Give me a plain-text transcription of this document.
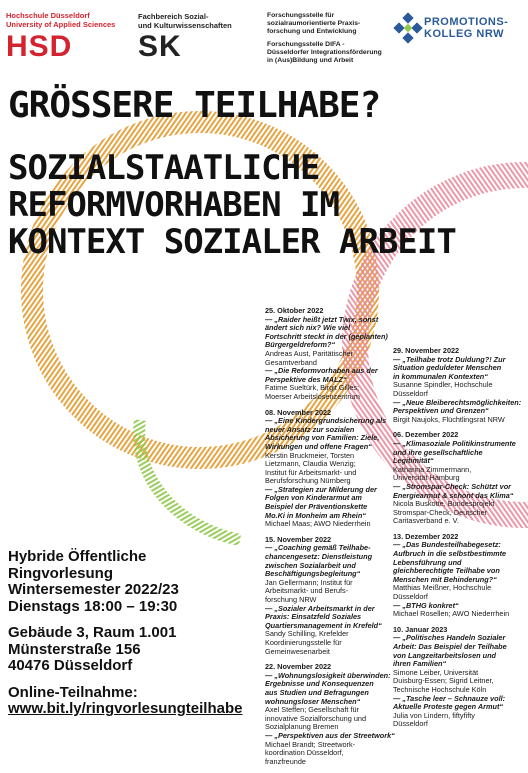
Hochschule Düsseldorf
University of Applied Sciences
HSD
Fachbereich Sozial-
und Kulturwissenschaften
SK
Forschungsstelle für
sozialraumorientierte Praxis-
forschung und Entwicklung
Forschungsstelle DIFA -
Düsseldorfer Integrationsförderung
in (Aus)Bildung und Arbeit
PROMOTIONS-
KOLLEG NRW
GRÖSSERE TEILHABE?
SOZIALSTAATLICHE
REFORMVORHABEN IM
KONTEXT SOZIALER ARBEIT
25. Oktober 2022
— „Raider heißt jetzt Twix, sonst
ändert sich nix? Wie viel
Fortschritt steckt in der (geplanten)
Bürgergeldreform?“
Andreas Aust, Paritätischer
Gesamtverband
— „Die Reformvorhaben aus der
Perspektive des MALZ“
Fatime Sueltürk, Birgit Gilles;
Moerser Arbeitslosenzentrum
08. November 2022
— „Eine Kindergrundsicherung als
neuer Ansatz zur sozialen
Absicherung von Familien: Ziele,
Wirkungen und offene Fragen“
Kerstin Bruckmeier, Torsten
Lietzmann, Claudia Wenzig;
Institut für Arbeitsmarkt- und
Berufsforschung Nürnberg
— „Strategien zur Milderung der
Folgen von Kinderarmut am
Beispiel der Präventionskette
Mo.Ki in Monheim am Rhein“
Michael Maas; AWO Niederrhein
15. November 2022
— „Coaching gemäß Teilhabe-
chancengesetz: Dienstleistung
zwischen Sozialarbeit und
Beschäftigungsbegleitung“
Jan Gellermann; Institut für
Arbeitsmarkt- und Berufs-
forschung NRW
— „Sozialer Arbeitsmarkt in der
Praxis: Einsatzfeld Soziales
Quartiersmanagement in Krefeld“
Sandy Schilling, Krefelder
Koordinierungsstelle für
Gemeinwesenarbeit
22. November 2022
— „Wohnungslosigkeit überwinden:
Ergebnisse und Konsequenzen
aus Studien und Befragungen
wohnungsloser Menschen“
Axel Steffen; Gesellschaft für
innovative Sozialforschung und
Sozialplanung Bremen
— „Perspektiven aus der Streetwork“
Michael Brandt; Streetwork-
koordination Düsseldorf,
franzfreunde
29. November 2022
— „Teilhabe trotz Duldung?! Zur
Situation geduldeter Menschen
in kommunalen Kontexten“
Susanne Spindler, Hochschule
Düsseldorf
— „Neue Bleiberechtsmöglichkeiten:
Perspektiven und Grenzen“
Birgit Naujoks, Flüchtlingsrat NRW
06. Dezember 2022
— „Klimasoziale Politikinstrumente
und ihre gesellschaftliche
Legitimität“
Katharina Zimmermann,
Universität Hamburg
— „Stromspar-Check: Schützt vor
Energiearmut & schont das Klima“
Nicola Buskotte, Bundesprojekt
Stromspar-Check, Deutscher
Caritasverband e. V.
13. Dezember 2022
— „Das Bundesteilhabegesetz:
Aufbruch in die selbstbestimmte
Lebensführung und
gleichberechtigte Teilhabe von
Menschen mit Behinderung?“
Matthias Meißner, Hochschule
Düsseldorf
— „BTHG konkret“
Michael Rosellen; AWO Niederrhein
10. Januar 2023
— „Politisches Handeln Sozialer
Arbeit: Das Beispiel der Teilhabe
von Langzeitarbeitslosen und
ihren Familien“
Simone Leiber, Universität
Duisburg-Essen; Sigrid Leitner,
Technische Hochschule Köln
— „Tasche leer – Schnauze voll:
Aktuelle Proteste gegen Armut“
Julia von Lindern, fiftyfifty
Düsseldorf
Hybride Öffentliche
Ringvorlesung
Wintersemester 2022/23
Dienstags 18:00 – 19:30
Gebäude 3, Raum 1.001
Münsterstraße 156
40476 Düsseldorf
Online-Teilnahme:
www.bit.ly/ringvorlesungteilhabe
